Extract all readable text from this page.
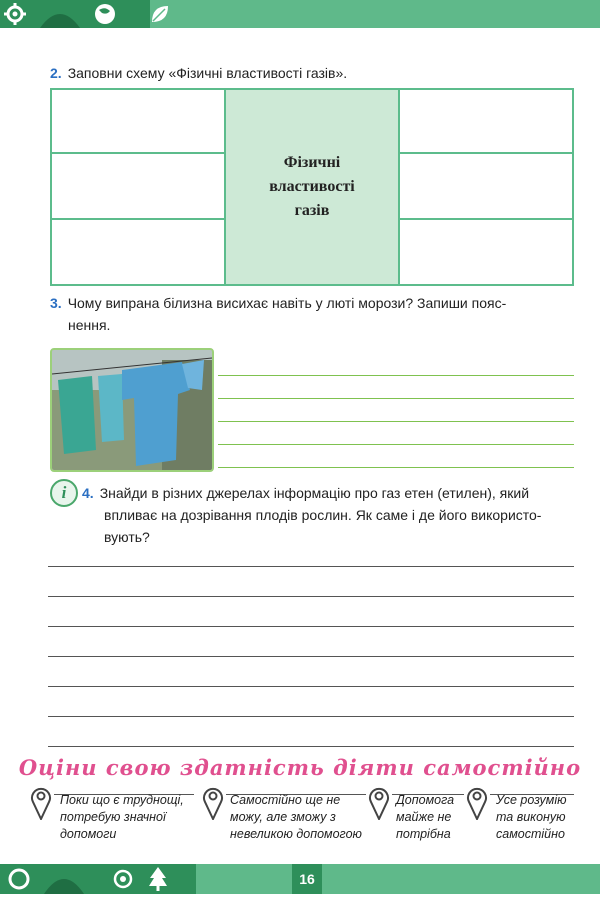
2. Заповни схему «Фізичні властивості газів».

	Фізичні
властивості
газів	

3. Чому випрана білизна висихає навіть у люті морози? Запиши пояс-
нення.
i	4. Знайди в різних джерелах інформацію про газ етен (етилен), який
впливає на дозрівання плодів рослин. Як саме і де його використо-
вують?
Оціни свою здатність діяти самостійно
Поки що є труднощі,
потребую значної
допомоги
Самостійно ще не
можу, але зможу з
невеликою допомогою
Допомога
майже не
потрібна
Усе розумію
та виконую
самостійно
16
